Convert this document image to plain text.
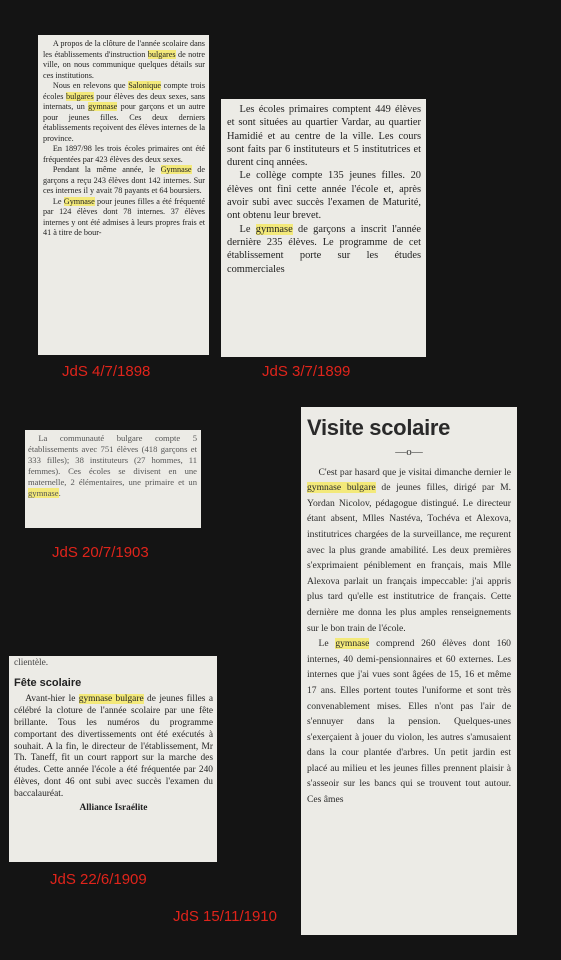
A propos de la clôture de l'année scolaire dans les établissements d'instruction bulgares de notre ville, on nous communique quelques détails sur ces institutions.

Nous en relevons que Salonique compte trois écoles bulgares pour élèves des deux sexes, sans internats, un gymnase pour garçons et un autre pour jeunes filles. Ces deux derniers établissements reçoivent des élèves internes de la province.

En 1897/98 les trois écoles primaires ont été fréquentées par 423 élèves des deux sexes.

Pendant la même année, le Gymnase de garçons a reçu 243 élèves dont 142 internes. Sur ces internes il y avait 78 payants et 64 boursiers.

Le Gymnase pour jeunes filles a été fréquenté par 124 élèves dont 78 internes. 37 élèves internes y ont été admises à leurs propres frais et 41 à titre de bour-

JdS 4/7/1898

Les écoles primaires comptent 449 élèves et sont situées au quartier Vardar, au quartier Hamidié et au centre de la ville. Les cours sont faits par 6 instituteurs et 5 institutrices et durent cinq années.

Le collège compte 135 jeunes filles. 20 élèves ont fini cette année l'école et, après avoir subi avec succès l'examen de Maturité, ont obtenu leur brevet.

Le gymnase de garçons a inscrit l'année dernière 235 élèves. Le programme de cet établissement porte sur les études commerciales

JdS 3/7/1899

La communauté bulgare compte 5 établissements avec 751 élèves (418 garçons et 333 filles); 38 instituteurs (27 hommes, 11 femmes). Ces écoles se divisent en une maternelle, 2 élémentaires, une primaire et un gymnase.

JdS 20/7/1903

clientèle.

Fête scolaire

Avant-hier le gymnase bulgare de jeunes filles a célébré la cloture de l'année scolaire par une fête brillante. Tous les numéros du programme comportant des divertissements ont été exécutés à souhait. A la fin, le directeur de l'établissement, Mr Th. Taneff, fit un court rapport sur la marche des études. Cette année l'école a été fréquentée par 240 élèves, dont 46 ont subi avec succès l'examen du baccalauréat.

Alliance Israélite

JdS 22/6/1909

Visite scolaire

—o—

C'est par hasard que je visitai dimanche dernier le gymnase bulgare de jeunes filles, dirigé par M. Yordan Nicolov, pédagogue distingué. Le directeur étant absent, Mlles Nastéva, Tochéva et Alexova, institutrices chargées de la surveillance, me reçurent avec la plus grande amabilité. Les deux premières s'exprimaient péniblement en français, mais Mlle Alexova parlait un français impeccable: j'ai appris plus tard qu'elle est institutrice de français. Cette dernière me donna les plus amples renseignements sur le bon train de l'école.

Le gymnase comprend 260 élèves dont 160 internes, 40 demi-pensionnaires et 60 externes. Les internes que j'ai vues sont âgées de 15, 16 et même 17 ans. Elles portent toutes l'uniforme et sont très convenablement mises. Elles n'ont pas l'air de s'ennuyer dans la pension. Quelques-unes s'exerçaient à jouer du violon, les autres s'amusaient dans la cour plantée d'arbres. Un petit jardin est placé au milieu et les jeunes filles prennent plaisir à s'asseoir sur les bancs qui se trouvent tout autour. Ces âmes

JdS 15/11/1910
